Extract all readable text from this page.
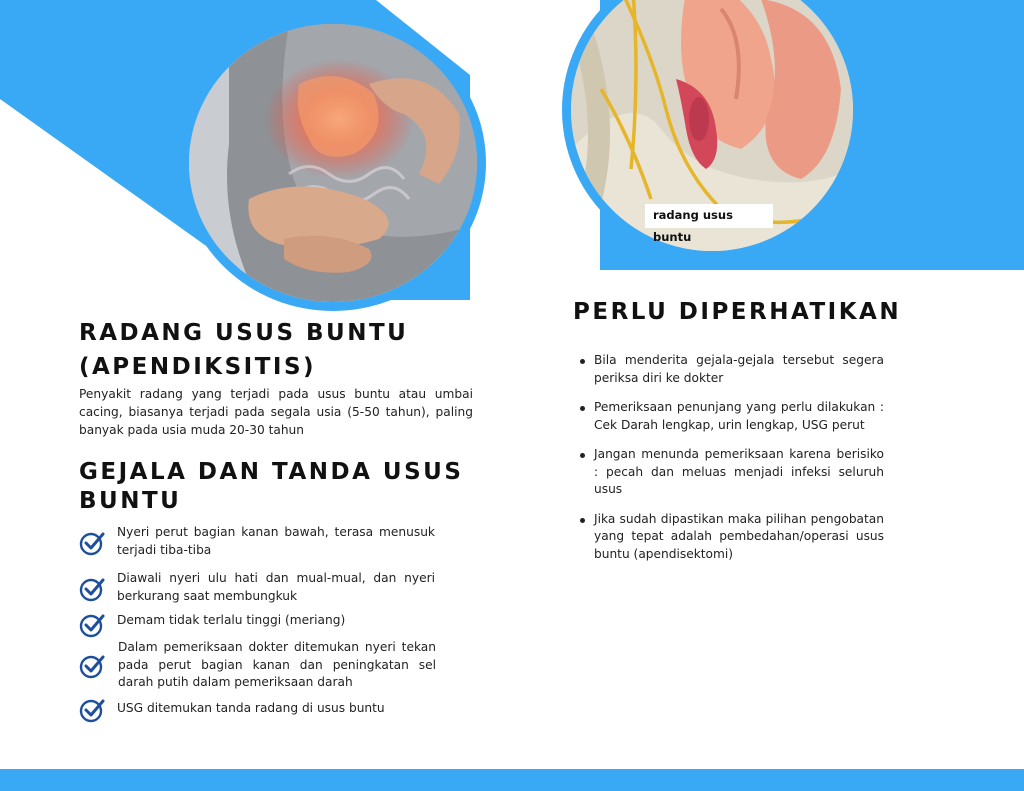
radang usus buntu
RADANG USUS BUNTU (APENDIKSITIS)

Penyakit radang yang terjadi pada usus buntu atau umbai cacing, biasanya terjadi pada segala usia (5-50 tahun), paling banyak pada usia muda 20-30 tahun

GEJALA DAN TANDA USUS BUNTU

Nyeri perut bagian kanan bawah, terasa menusuk terjadi tiba-tiba

Diawali nyeri ulu hati dan mual-mual, dan nyeri berkurang saat membungkuk

Demam tidak terlalu tinggi (meriang)

Dalam pemeriksaan dokter ditemukan nyeri tekan pada perut bagian kanan dan peningkatan sel darah putih dalam pemeriksaan darah

USG ditemukan tanda radang di usus buntu

PERLU DIPERHATIKAN
Bila menderita gejala-gejala tersebut segera periksa diri ke dokter
Pemeriksaan penunjang yang perlu dilakukan : Cek Darah lengkap, urin lengkap, USG perut
Jangan menunda pemeriksaan karena berisiko : pecah dan meluas menjadi infeksi seluruh usus
Jika sudah dipastikan maka pilihan pengobatan yang tepat adalah pembedahan/operasi usus buntu (apendisektomi)
